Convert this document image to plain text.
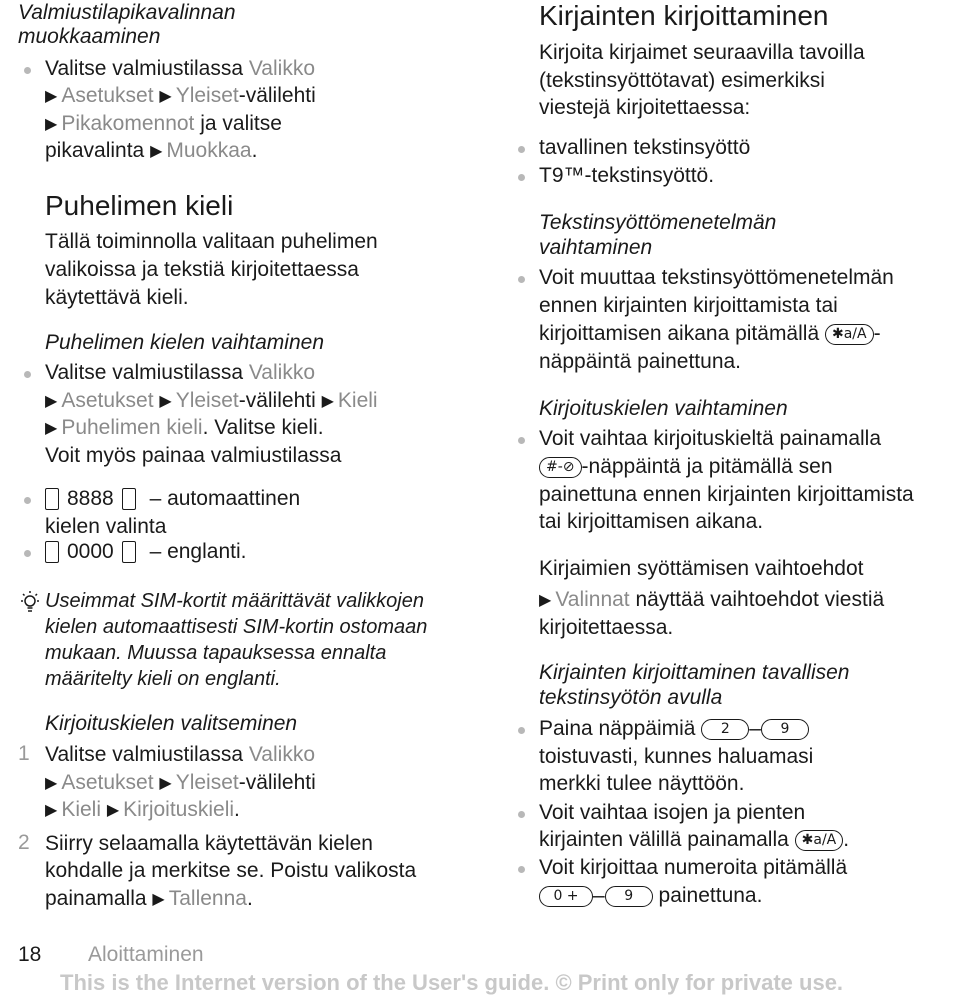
Valmiustilapikavalinnan
muokkaaminen
Valitse valmiustilassa Valikko
▶ Asetukset ▶ Yleiset-välilehti
▶ Pikakomennot ja valitse
pikavalinta ▶ Muokkaa.
Puhelimen kieli
Tällä toiminnolla valitaan puhelimen
valikoissa ja tekstiä kirjoitettaessa
käytettävä kieli.
Puhelimen kielen vaihtaminen
Valitse valmiustilassa Valikko
▶ Asetukset ▶ Yleiset-välilehti ▶ Kieli
▶ Puhelimen kieli. Valitse kieli.
Voit myös painaa valmiustilassa
8888 – automaattinen
kielen valinta
0000 – englanti.
Useimmat SIM-kortit määrittävät valikkojen
kielen automaattisesti SIM-kortin ostomaan
mukaan. Muussa tapauksessa ennalta
määritelty kieli on englanti.
Kirjoituskielen valitseminen
1 Valitse valmiustilassa Valikko
▶ Asetukset ▶ Yleiset-välilehti
▶ Kieli ▶ Kirjoituskieli.
2 Siirry selaamalla käytettävän kielen
kohdalle ja merkitse se. Poistu valikosta
painamalla ▶ Tallenna.
Kirjainten kirjoittaminen
Kirjoita kirjaimet seuraavilla tavoilla
(tekstinsyöttötavat) esimerkiksi
viestejä kirjoitettaessa:
tavallinen tekstinsyöttö
T9™-tekstinsyöttö.
Tekstinsyöttömenetelmän
vaihtaminen
Voit muuttaa tekstinsyöttömenetelmän
ennen kirjainten kirjoittamista tai
kirjoittamisen aikana pitämällä ✱a/A -
näppäintä painettuna.
Kirjoituskielen vaihtaminen
Voit vaihtaa kirjoituskieltä painamalla
#-⊘ -näppäintä ja pitämällä sen
painettuna ennen kirjainten kirjoittamista
tai kirjoittamisen aikana.
Kirjaimien syöttämisen vaihtoehdot
▶ Valinnat näyttää vaihtoehdot viestiä
kirjoitettaessa.
Kirjainten kirjoittaminen tavallisen
tekstinsyötön avulla
Paina näppäimiä 2 – 9
toistuvasti, kunnes haluamasi
merkki tulee näyttöön.
Voit vaihtaa isojen ja pienten
kirjainten välillä painamalla ✱a/A .
Voit kirjoittaa numeroita pitämällä
0 + – 9 painettuna.
18 Aloittaminen
This is the Internet version of the User's guide. © Print only for private use.
